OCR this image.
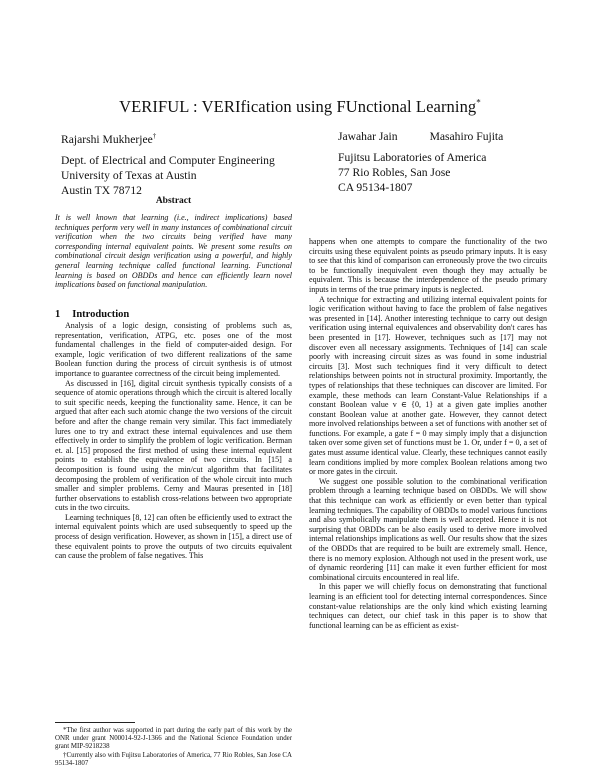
VERIFUL : VERIfication using FUnctional Learning*
Rajarshi Mukherjee†
Dept. of Electrical and Computer Engineering
University of Texas at Austin
Austin TX 78712
Jawahar Jain	Masahiro Fujita
Fujitsu Laboratories of America
77 Rio Robles, San Jose
CA 95134-1807
Abstract
It is well known that learning (i.e., indirect implications) based techniques perform very well in many instances of combinational circuit verification when the two circuits being verified have many corresponding internal equivalent points. We present some results on combinational circuit design verification using a powerful, and highly general learning technique called functional learning. Functional learning is based on OBDDs and hence can efficiently learn novel implications based on functional manipulation.
1 Introduction

Analysis of a logic design, consisting of problems such as, representation, verification, ATPG, etc. poses one of the most fundamental challenges in the field of computer-aided design. For example, logic verification of two different realizations of the same Boolean function during the process of circuit synthesis is of utmost importance to guarantee correctness of the circuit being implemented.

As discussed in [16], digital circuit synthesis typically consists of a sequence of atomic operations through which the circuit is altered locally to suit specific needs, keeping the functionality same. Hence, it can be argued that after each such atomic change the two versions of the circuit before and after the change remain very similar. This fact immediately lures one to try and extract these internal equivalences and use them effectively in order to simplify the problem of logic verification. Berman et. al. [15] proposed the first method of using these internal equivalent points to establish the equivalence of two circuits. In [15] a decomposition is found using the min/cut algorithm that facilitates decomposing the problem of verification of the whole circuit into much smaller and simpler problems. Cerny and Mauras presented in [18] further observations to establish cross-relations between two appropriate cuts in the two circuits.

Learning techniques [8, 12] can often be efficiently used to extract the internal equivalent points which are used subsequently to speed up the process of design verification. However, as shown in [15], a direct use of these equivalent points to prove the outputs of two circuits equivalent can cause the problem of false negatives. This

*The first author was supported in part during the early part of this work by the ONR under grant N00014-92-J-1366 and the National Science Foundation under grant MIP-9218238

†Currently also with Fujitsu Laboratories of America, 77 Rio Robles, San Jose CA 95134-1807

happens when one attempts to compare the functionality of the two circuits using these equivalent points as pseudo primary inputs. It is easy to see that this kind of comparison can erroneously prove the two circuits to be functionally inequivalent even though they may actually be equivalent. This is because the interdependence of the pseudo primary inputs in terms of the true primary inputs is neglected.

A technique for extracting and utilizing internal equivalent points for logic verification without having to face the problem of false negatives was presented in [14]. Another interesting technique to carry out design verification using internal equivalences and observability don't cares has been presented in [17]. However, techniques such as [17] may not discover even all necessary assignments. Techniques of [14] can scale poorly with increasing circuit sizes as was found in some industrial circuits [3]. Most such techniques find it very difficult to detect relationships between points not in structural proximity. Importantly, the types of relationships that these techniques can discover are limited. For example, these methods can learn Constant-Value Relationships if a constant Boolean value v ∈ {0, 1} at a given gate implies another constant Boolean value at another gate. However, they cannot detect more involved relationships between a set of functions with another set of functions. For example, a gate f = 0 may simply imply that a disjunction taken over some given set of functions must be 1. Or, under f = 0, a set of gates must assume identical value. Clearly, these techniques cannot easily learn conditions implied by more complex Boolean relations among two or more gates in the circuit.

We suggest one possible solution to the combinational verification problem through a learning technique based on OBDDs. We will show that this technique can work as efficiently or even better than typical learning techniques. The capability of OBDDs to model various functions and also symbolically manipulate them is well accepted. Hence it is not surprising that OBDDs can be also easily used to derive more involved internal relationships implications as well. Our results show that the sizes of the OBDDs that are required to be built are extremely small. Hence, there is no memory explosion. Although not used in the present work, use of dynamic reordering [11] can make it even further efficient for most combinational circuits encountered in real life.

In this paper we will chiefly focus on demonstrating that functional learning is an efficient tool for detecting internal correspondences. Since constant-value relationships are the only kind which existing learning techniques can detect, our chief task in this paper is to show that functional learning can be as efficient as exist-
